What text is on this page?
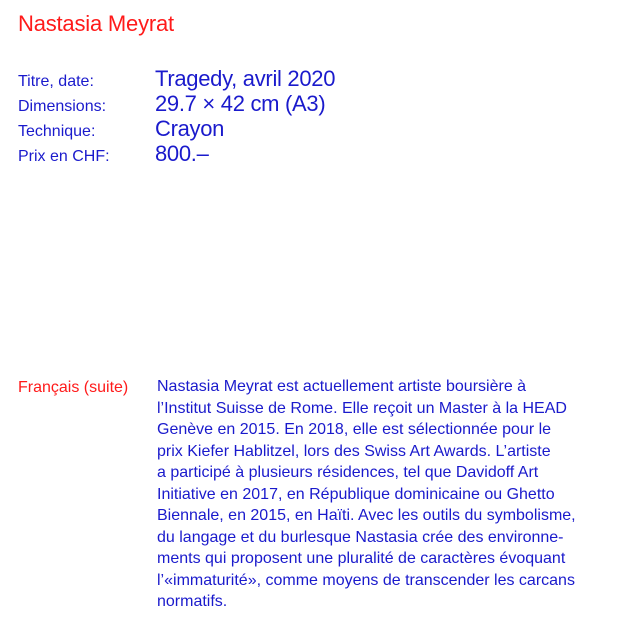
Nastasia Meyrat
Titre, date:	Tragedy, avril 2020
Dimensions: 29.7 × 42 cm (A3)
Technique:	Crayon
Prix en CHF: 800.–
Français (suite) Nastasia Meyrat est actuellement artiste boursière à
l’Institut Suisse de Rome. Elle reçoit un Master à la HEAD
Genève en 2015. En 2018, elle est sélectionnée pour le
prix Kiefer Hablitzel, lors des Swiss Art Awards. L’artiste
a participé à plusieurs résidences, tel que Davidoff Art
Initiative en 2017, en République dominicaine ou Ghetto
Biennale, en 2015, en Haïti. Avec les outils du symbolisme,
du langage et du burlesque Nastasia crée des environne-
ments qui proposent une pluralité de caractères évoquant
l’«immaturité», comme moyens de transcender les carcans
normatifs.
